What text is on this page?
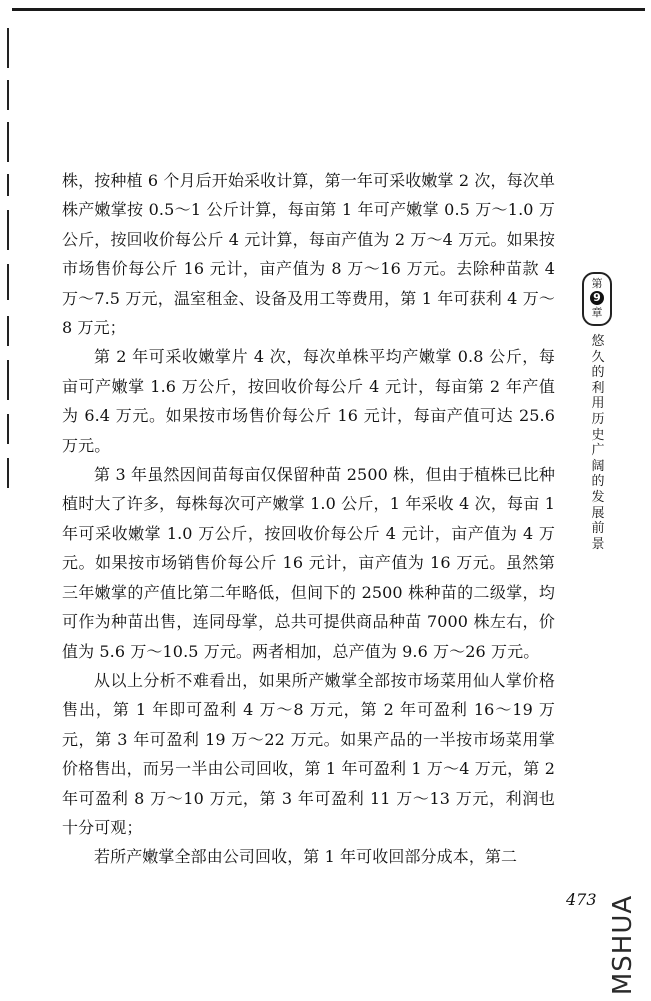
株，按种植 6 个月后开始采收计算，第一年可采收嫩掌 2 次，每次单株产嫩掌按 0.5～1 公斤计算，每亩第 1 年可产嫩掌 0.5 万～1.0 万公斤，按回收价每公斤 4 元计算，每亩产值为 2 万～4 万元。如果按市场售价每公斤 16 元计，亩产值为 8 万～16 万元。去除种苗款 4 万～7.5 万元，温室租金、设备及用工等费用，第 1 年可获利 4 万～8 万元；

第 2 年可采收嫩掌片 4 次，每次单株平均产嫩掌 0.8 公斤，每亩可产嫩掌 1.6 万公斤，按回收价每公斤 4 元计，每亩第 2 年产值为 6.4 万元。如果按市场售价每公斤 16 元计，每亩产值可达 25.6 万元。

第 3 年虽然因间苗每亩仅保留种苗 2500 株，但由于植株已比种植时大了许多，每株每次可产嫩掌 1.0 公斤，1 年采收 4 次，每亩 1 年可采收嫩掌 1.0 万公斤，按回收价每公斤 4 元计，亩产值为 4 万元。如果按市场销售价每公斤 16 元计，亩产值为 16 万元。虽然第三年嫩掌的产值比第二年略低，但间下的 2500 株种苗的二级掌，均可作为种苗出售，连同母掌，总共可提供商品种苗 7000 株左右，价值为 5.6 万～10.5 万元。两者相加，总产值为 9.6 万～26 万元。

从以上分析不难看出，如果所产嫩掌全部按市场菜用仙人掌价格售出，第 1 年即可盈利 4 万～8 万元，第 2 年可盈利 16～19 万元，第 3 年可盈利 19 万～22 万元。如果产品的一半按市场菜用掌价格售出，而另一半由公司回收，第 1 年可盈利 1 万～4 万元，第 2 年可盈利 8 万～10 万元，第 3 年可盈利 11 万～13 万元，利润也十分可观；

若所产嫩掌全部由公司回收，第 1 年可收回部分成本，第二

第
9
章
悠久的利用历史 广阔的发展前景
473 MSHUA
